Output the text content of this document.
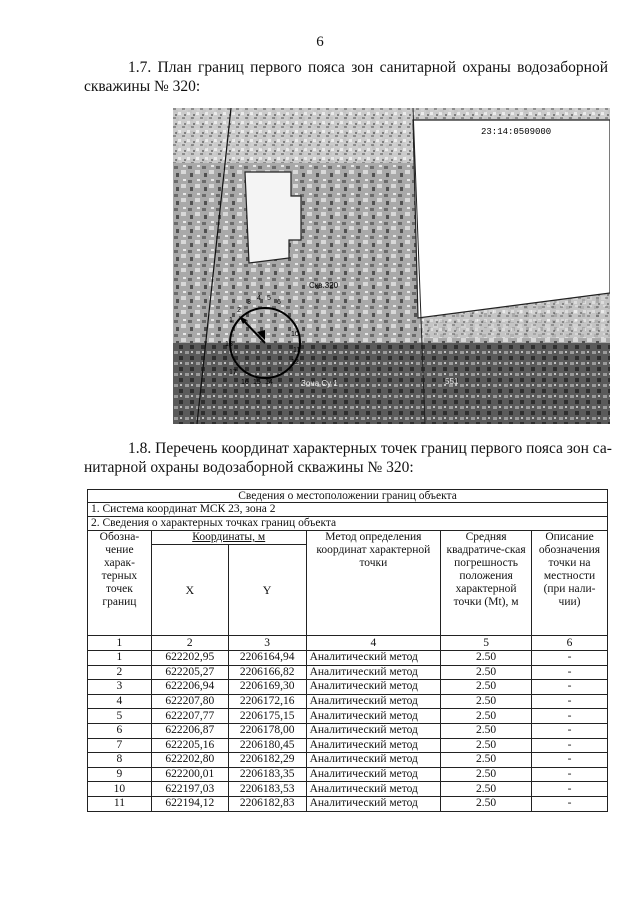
6
1.7. План границ первого пояса зон санитарной охраны водозаборной
скважины № 320:
23:14:0509000
Скв.320
Зона Су 1	551
3
4 5
6
2
1
10
11
12
13
17
16 15 14
1.8. Перечень координат характерных точек границ первого пояса зон са-
нитарной охраны водозаборной скважины № 320:
Сведения о местоположении границ объекта					
1. Система координат МСК 23, зона 2					
2. Сведения о характерных точках границ объекта					
Обозна-чение харак-терных точек границ	Координаты, м		Метод определения координат характерной точки	Средняя квадратиче-ская погрешность положения характерной точки (Mt), м	Описание обозначения точки на местности (при нали-чии)
	X	Y			
1	2	3	4	5	6
1	622202,95	2206164,94	Аналитический метод	2.50	-
2	622205,27	2206166,82	Аналитический метод	2.50	-
3	622206,94	2206169,30	Аналитический метод	2.50	-
4	622207,80	2206172,16	Аналитический метод	2.50	-
5	622207,77	2206175,15	Аналитический метод	2.50	-
6	622206,87	2206178,00	Аналитический метод	2.50	-
7	622205,16	2206180,45	Аналитический метод	2.50	-
8	622202,80	2206182,29	Аналитический метод	2.50	-
9	622200,01	2206183,35	Аналитический метод	2.50	-
10	622197,03	2206183,53	Аналитический метод	2.50	-
11	622194,12	2206182,83	Аналитический метод	2.50	-
